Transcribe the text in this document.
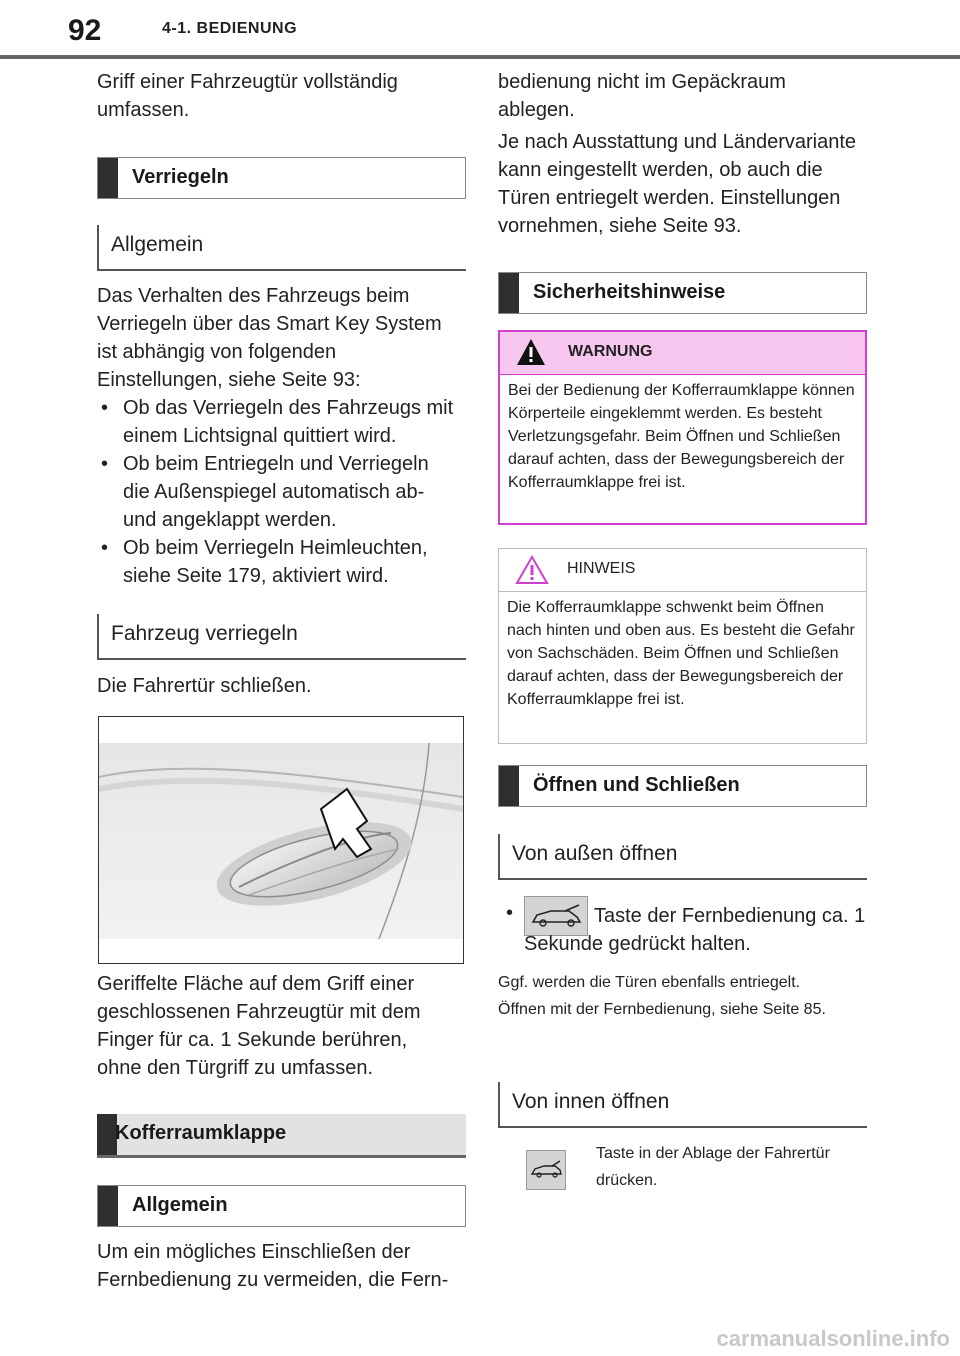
92	4-1. BEDIENUNG

Griff einer Fahrzeugtür vollständig umfassen.

Verriegeln
Allgemein

Das Verhalten des Fahrzeugs beim Verriegeln über das Smart Key System ist abhängig von folgenden Einstellungen, siehe Seite 93:

• Ob das Verriegeln des Fahrzeugs mit einem Lichtsignal quittiert wird.
• Ob beim Entriegeln und Verriegeln die Außenspiegel automatisch ab- und angeklappt werden.
• Ob beim Verriegeln Heimleuchten, siehe Seite 179, aktiviert wird.
Fahrzeug verriegeln

Die Fahrertür schließen.

Geriffelte Fläche auf dem Griff einer geschlossenen Fahrzeugtür mit dem Finger für ca. 1 Sekunde berühren, ohne den Türgriff zu umfassen.

Kofferraumklappe
Allgemein

Um ein mögliches Einschließen der Fernbedienung zu vermeiden, die Fern-

bedienung nicht im Gepäckraum ablegen.

Je nach Ausstattung und Ländervariante kann eingestellt werden, ob auch die Türen entriegelt werden. Einstellungen vornehmen, siehe Seite 93.

Sicherheitshinweise
WARNUNG
Bei der Bedienung der Kofferraumklappe können Körperteile eingeklemmt werden. Es besteht Verletzungsgefahr. Beim Öffnen und Schließen darauf achten, dass der Bewegungsbereich der Kofferraumklappe frei ist.
HINWEIS
Die Kofferraumklappe schwenkt beim Öffnen nach hinten und oben aus. Es besteht die Gefahr von Sachschäden. Beim Öffnen und Schließen darauf achten, dass der Bewegungsbereich der Kofferraumklappe frei ist.
Öffnen und Schließen
Von außen öffnen
•	Taste der Fernbedienung ca. 1 Sekunde gedrückt halten.

Ggf. werden die Türen ebenfalls entriegelt.

Öffnen mit der Fernbedienung, siehe Seite 85.

Von innen öffnen

Taste in der Ablage der Fahrertür drücken.

carmanualsonline.info
